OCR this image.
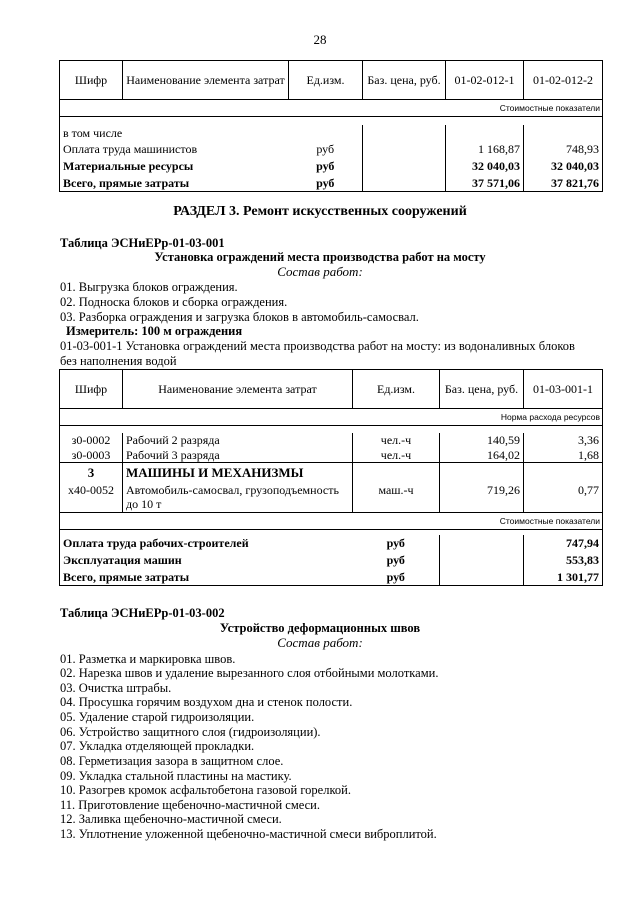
28
Шифр	Наименование элемента затрат	Ед.изм.	Баз. цена, руб.	01-02-012-1	01-02-012-2
Стоимостные показатели					

в том числе					
Оплата труда машинистов		руб		1 168,87	748,93
Материальные ресурсы		руб		32 040,03	32 040,03
Всего, прямые затраты		руб		37 571,06	37 821,76
РАЗДЕЛ 3. Ремонт искусственных сооружений
Таблица ЭСНиЕРр-01-03-001
Установка ограждений места производства работ на мосту
Состав работ:
01. Выгрузка блоков ограждения.
02. Поднoска блоков и сборка ограждения.
03. Разборка ограждения и загрузка блоков в автомобиль-самосвал.
Измеритель: 100 м ограждения
01-03-001-1 Установка ограждений места производства работ на мосту: из водоналивных блоков
без наполнения водой
Шифр	Наименование элемента затрат	Ед.изм.	Баз. цена, руб.	01-03-001-1
Норма расхода ресурсов				

з0-0002	Рабочий 2 разряда	чел.-ч	140,59	3,36
з0-0003	Рабочий 3 разряда	чел.-ч	164,02	1,68
3	МАШИНЫ И МЕХАНИЗМЫ			
х40-0052	Автомобиль-самосвал, грузоподъемность
до 10 т	маш.-ч	719,26	0,77
Стоимостные показатели				

Оплата труда рабочих-строителей		руб		747,94
Эксплуатация машин		руб		553,83
Всего, прямые затраты		руб		1 301,77
Таблица ЭСНиЕРр-01-03-002
Устройство деформационных швов
Состав работ:
01. Разметка и маркировка швов.
02. Нарезка швов и удаление вырезанного слоя отбойными молотками.
03. Очистка штрабы.
04. Просушка горячим воздухом дна и стенок полости.
05. Удаление старой гидроизоляции.
06. Устройство защитного слоя (гидроизоляции).
07. Укладка отделяющей прокладки.
08. Герметизация зазора в защитном слое.
09. Укладка стальной пластины на мастику.
10. Разогрев кромок асфальтобетона газовой горелкой.
11. Приготовление щебеночно-мастичной смеси.
12. Заливка щебеночно-мастичной смеси.
13. Уплотнение уложенной щебеночно-мастичной смеси виброплитой.
